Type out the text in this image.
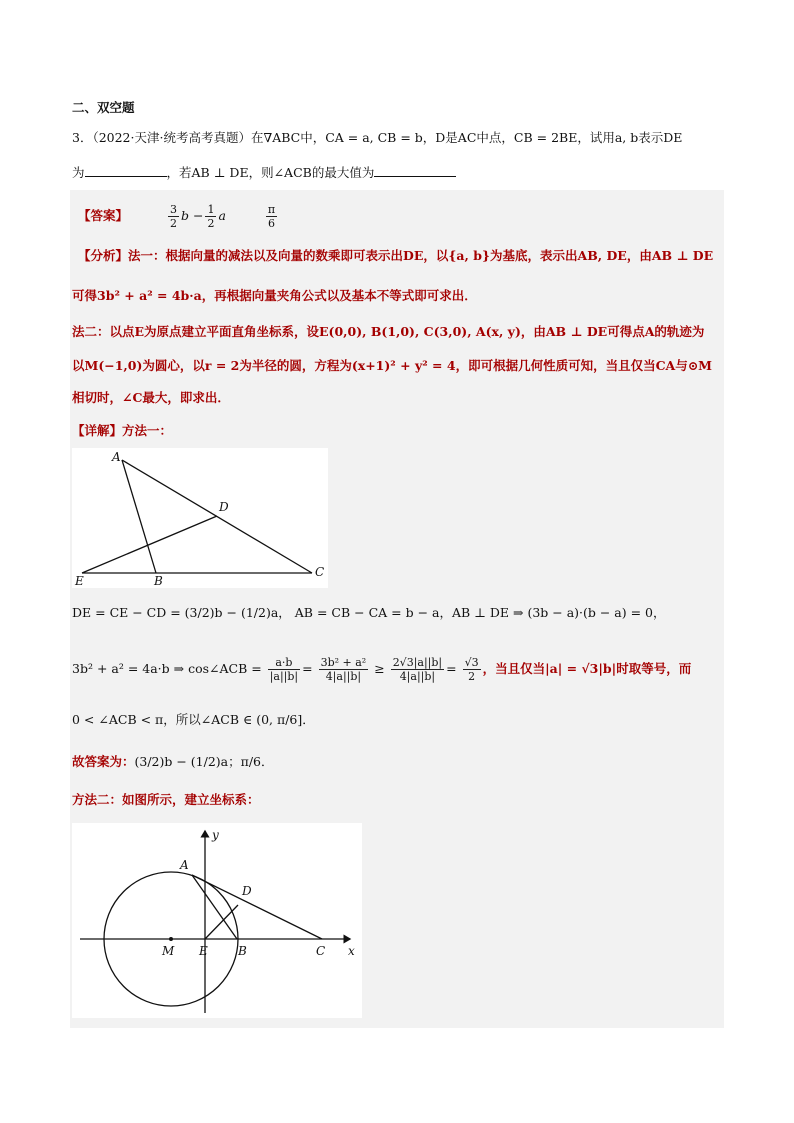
二、双空题
3．（2022·天津·统考高考真题）在∇ABC中，CA = a, CB = b，D是AC中点，CB = 2BE，试用a, b表示DE
为	，若AB ⊥ DE，则∠ACB的最大值为
【答案】	$\frac{3}{2}$ $b - \frac{1}{2}$ a	$\frac{\pi}{6}$
【分析】法一：根据向量的减法以及向量的数乘即可表示出DE，以{a, b}为基底，表示出AB, DE，由AB ⊥ DE
可得3b² + a² = 4b·a，再根据向量夹角公式以及基本不等式即可求出．
法二：以点E为原点建立平面直角坐标系，设E(0,0), B(1,0), C(3,0), A(x, y)，由AB ⊥ DE可得点A的轨迹为
以M(−1,0)为圆心，以r = 2为半径的圆，方程为(x+1)² + y² = 4，即可根据几何性质可知，当且仅当CA与⊙M
相切时，∠C最大，即求出．
【详解】方法一：
A
D
E	B
C
DE = CE − CD = (3/2)b − (1/2)a， AB = CB − CA = b − a，AB ⊥ DE ⇒ (3b − a)·(b − a) = 0，
3b² + a² = 4a·b ⇒ cos∠ACB = $\frac{a\cdot b}{|a||b|} = \frac{\text{3b² + a²}}{4|a||b|} \ge \frac{2√3|a||b|}{4|a||b|} = \frac{√3}{2}$ ，当且仅当|a| = √3|b|时取等号，而
0 < ∠ACB < π，所以∠ACB ∈ (0, π/6]．
故答案为：(3/2)b − (1/2)a；π/6．
方法二：如图所示，建立坐标系：
y
A
D
M E	B	C x
